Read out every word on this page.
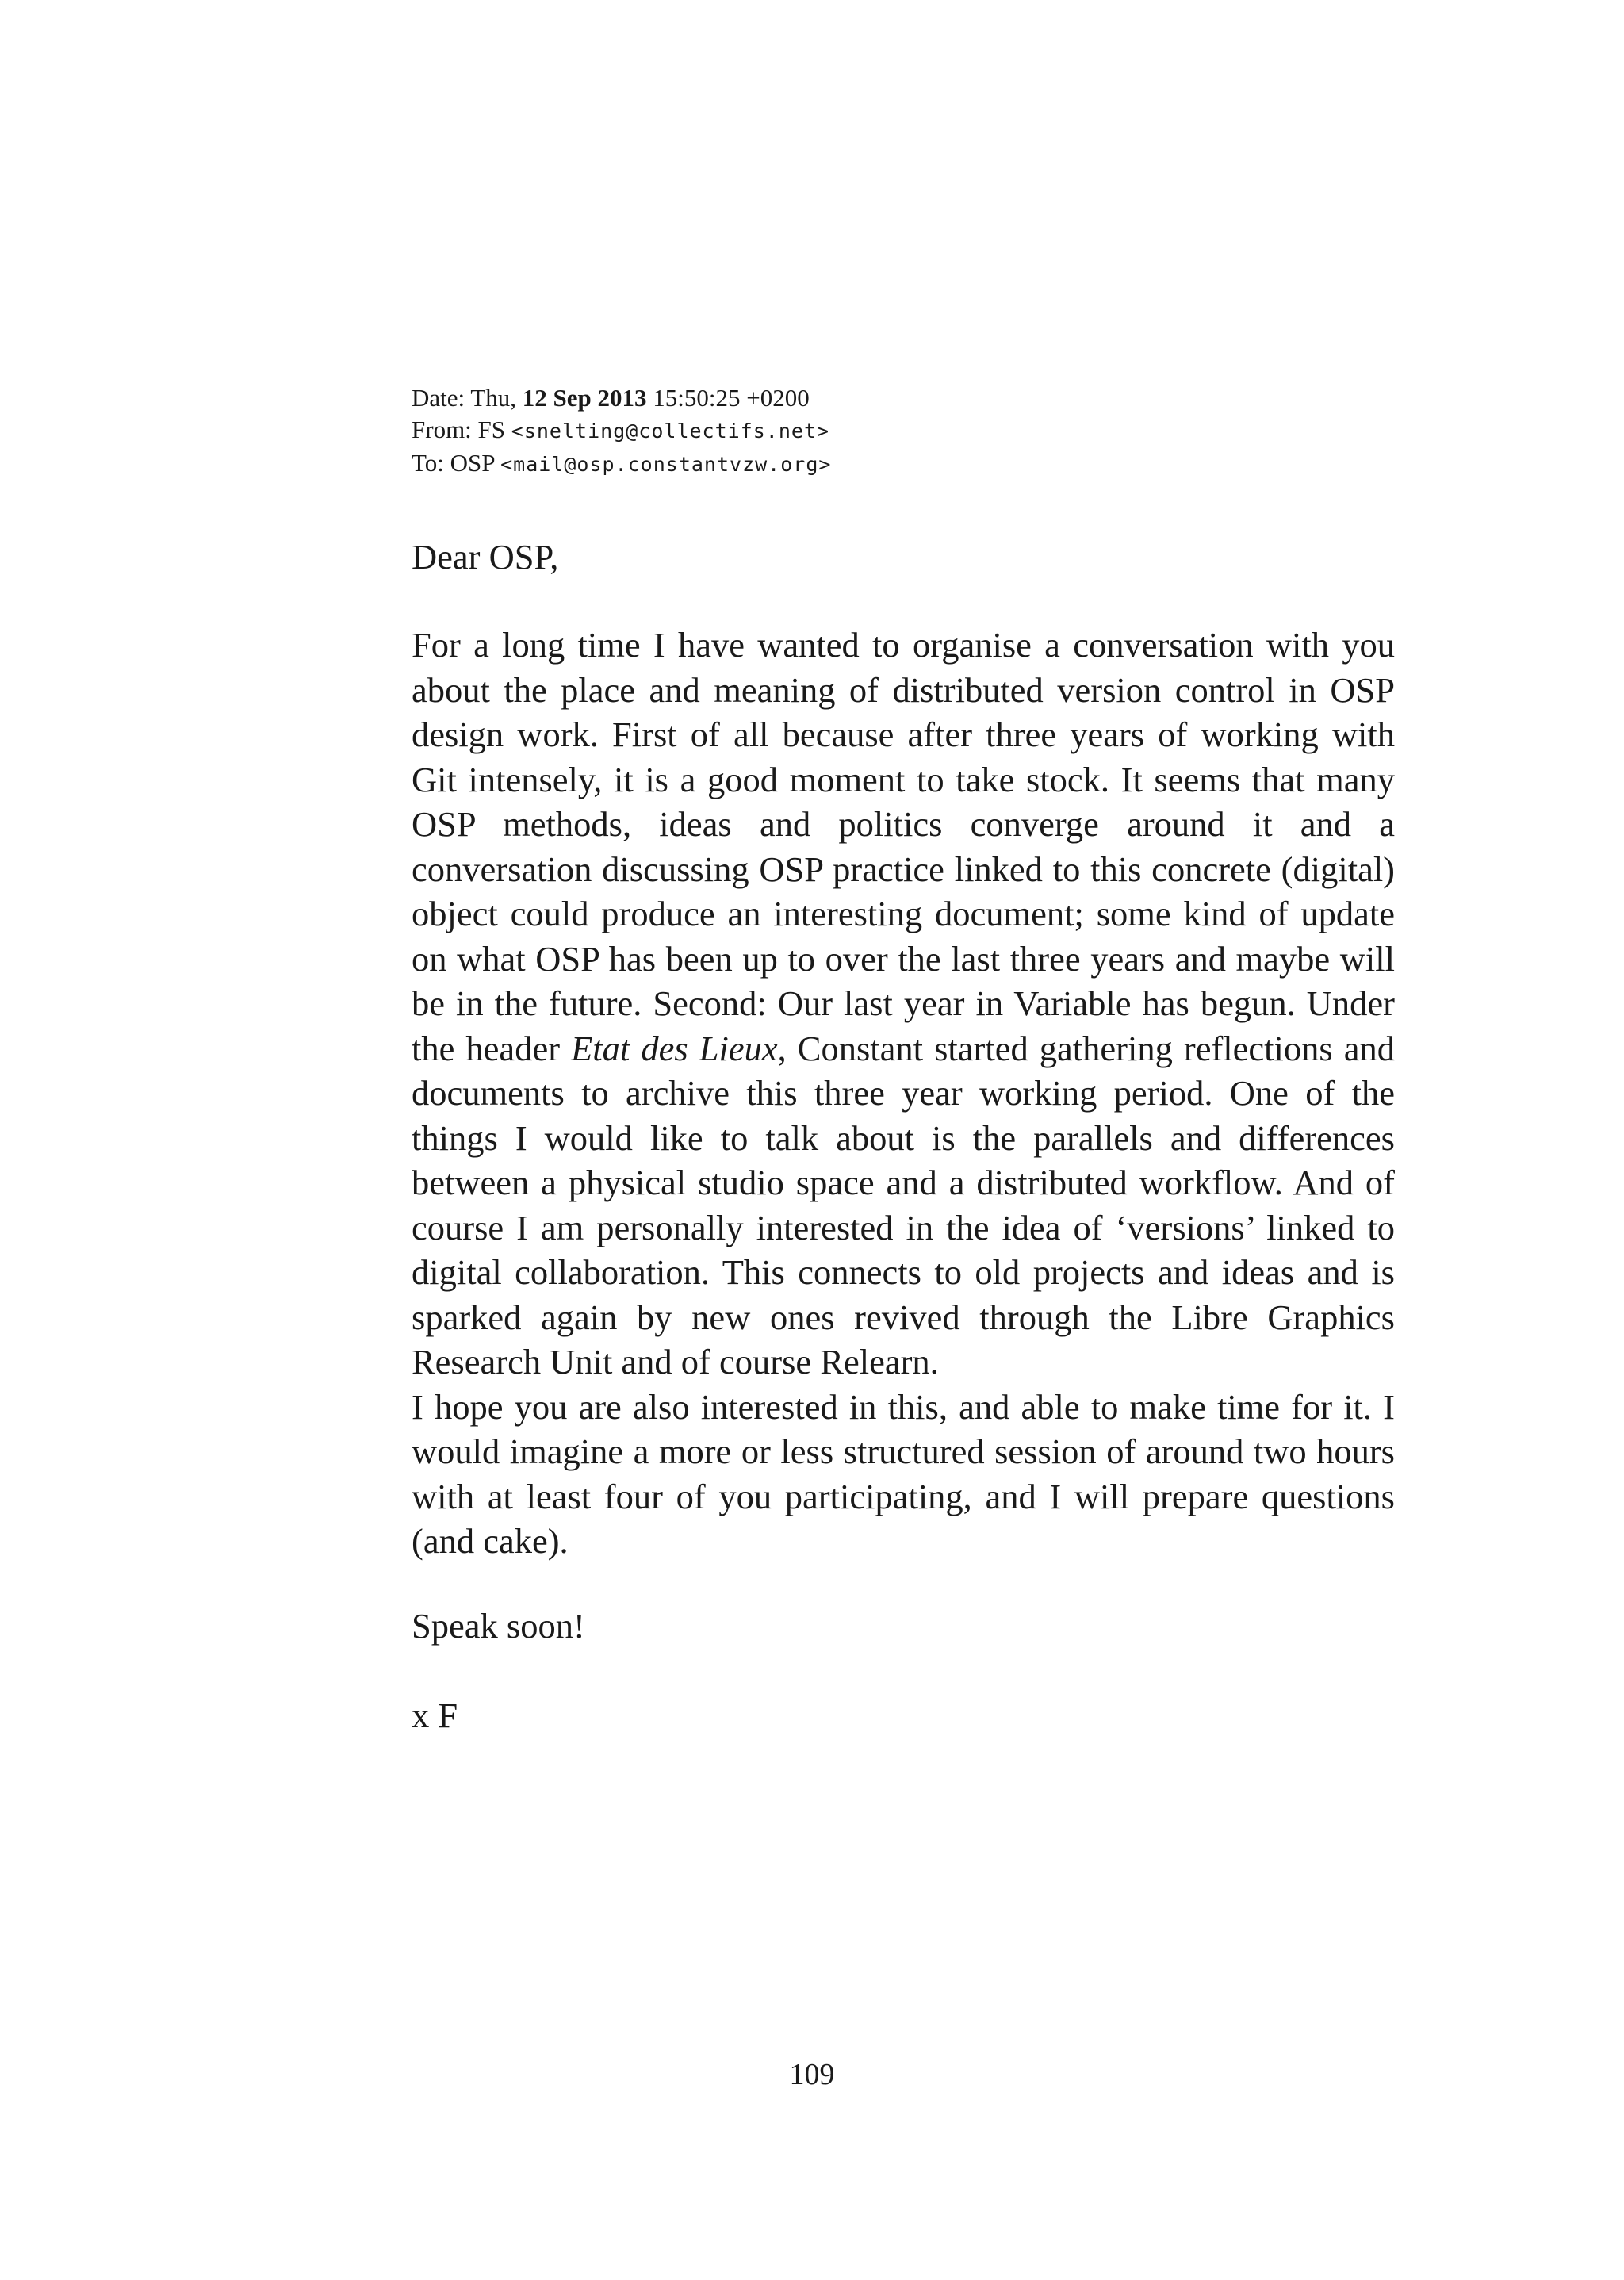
Date: Thu, 12 Sep 2013 15:50:25 +0200
From: FS <snelting@collectifs.net>
To: OSP <mail@osp.constantvzw.org>
Dear OSP,

For a long time I have wanted to organise a conversation with you about the place and meaning of distributed version control in OSP design work. First of all because after three years of working with Git intensely, it is a good moment to take stock. It seems that many OSP methods, ideas and politics converge around it and a conversation discussing OSP practice linked to this concrete (digital) object could produce an interesting document; some kind of update on what OSP has been up to over the last three years and maybe will be in the future. Second: Our last year in Variable has begun. Under the header Etat des Lieux, Constant started gathering reflections and documents to archive this three year working period. One of the things I would like to talk about is the parallels and differences between a physical studio space and a distributed workflow. And of course I am personally interested in the idea of ‘versions’ linked to digital collaboration. This connects to old projects and ideas and is sparked again by new ones revived through the Libre Graphics Research Unit and of course Relearn.

I hope you are also interested in this, and able to make time for it. I would imagine a more or less structured session of around two hours with at least four of you participating, and I will prepare questions (and cake).

Speak soon!
x F
109
